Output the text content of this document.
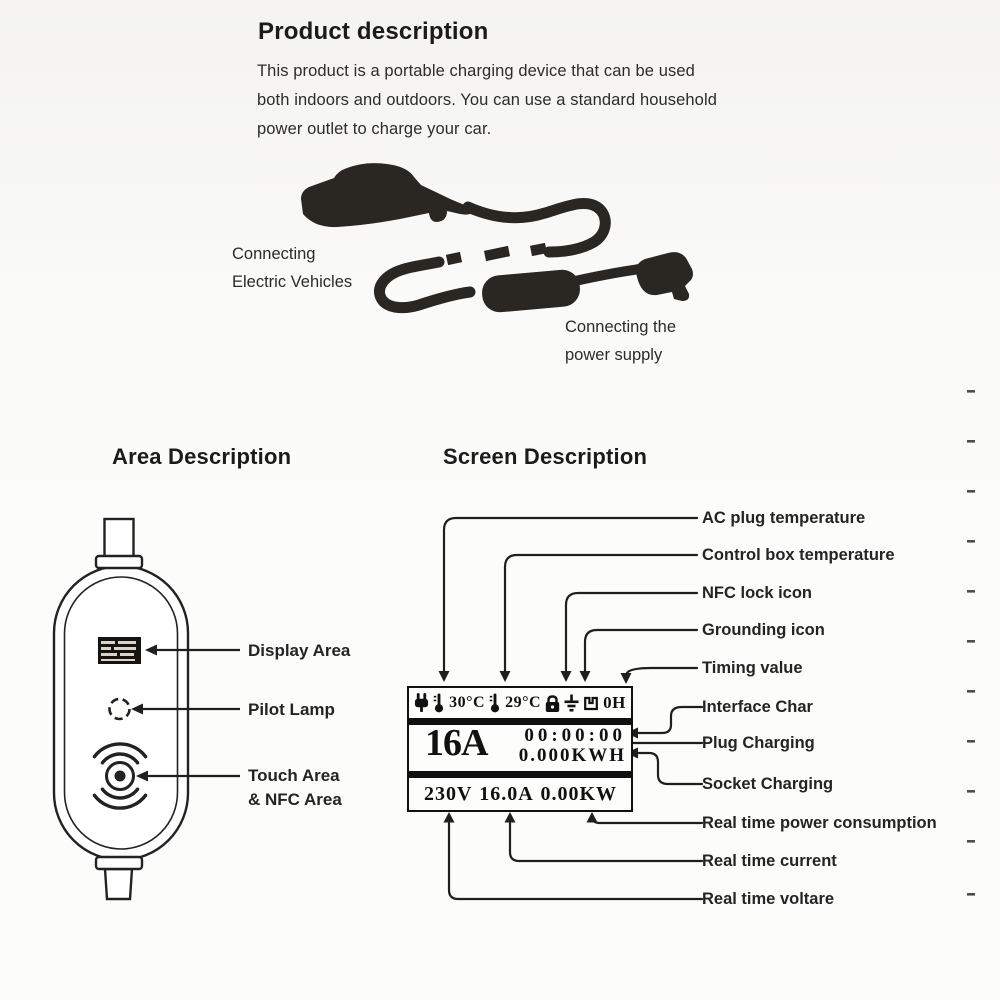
Product description
This product is a portable charging device that can be used
both indoors and outdoors. You can use a standard household
power outlet to charge your car.
Connecting
Electric Vehicles
Connecting the
power supply
Area Description
Display Area
Pilot Lamp
Touch Area
& NFC Area
Screen Description
AC plug temperature
Control box temperature
NFC lock icon
Grounding icon
Timing value
Interface Char
Plug Charging
Socket Charging
Real time power consumption
Real time current
Real time voltare
30°C 29°C	0H
16A 00:00:00
0.000KWH
230V 16.0A 0.00KW
